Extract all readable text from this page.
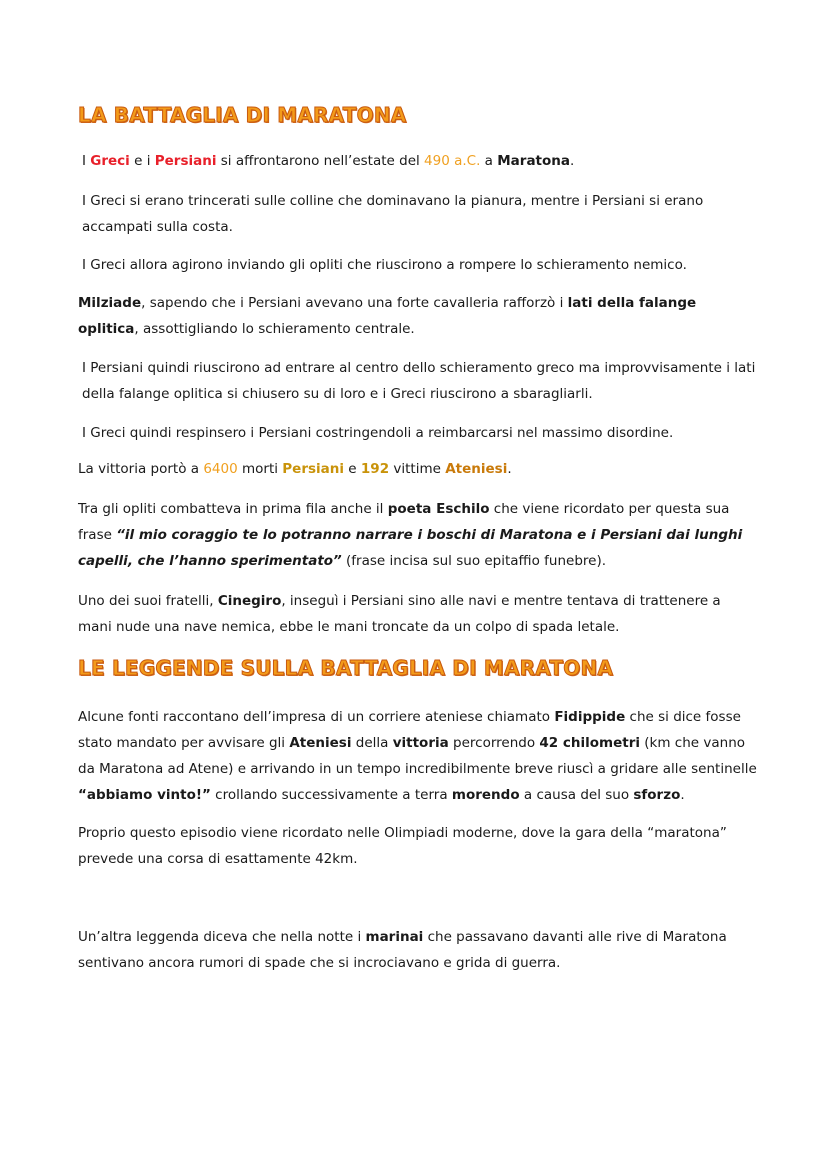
LA BATTAGLIA DI MARATONA

I Greci e i Persiani si affrontarono nell’estate del 490 a.C. a Maratona.

I Greci si erano trincerati sulle colline che dominavano la pianura, mentre i Persiani si erano accampati sulla costa.

I Greci allora agirono inviando gli opliti che riuscirono a rompere lo schieramento nemico.

Milziade, sapendo che i Persiani avevano una forte cavalleria rafforzò i lati della falange oplitica, assottigliando lo schieramento centrale.

I Persiani quindi riuscirono ad entrare al centro dello schieramento greco ma improvvisamente i lati della falange oplitica si chiusero su di loro e i Greci riuscirono a sbaragliarli.

I Greci quindi respinsero i Persiani costringendoli a reimbarcarsi nel massimo disordine.

La vittoria portò a 6400 morti Persiani e 192 vittime Ateniesi.

Tra gli opliti combatteva in prima fila anche il poeta Eschilo che viene ricordato per questa sua frase “il mio coraggio te lo potranno narrare i boschi di Maratona e i Persiani dai lunghi capelli, che l’hanno sperimentato” (frase incisa sul suo epitaffio funebre).

Uno dei suoi fratelli, Cinegiro, inseguì i Persiani sino alle navi e mentre tentava di trattenere a mani nude una nave nemica, ebbe le mani troncate da un colpo di spada letale.

LE LEGGENDE SULLA BATTAGLIA DI MARATONA

Alcune fonti raccontano dell’impresa di un corriere ateniese chiamato Fidippide che si dice fosse stato mandato per avvisare gli Ateniesi della vittoria percorrendo 42 chilometri (km che vanno da Maratona ad Atene) e arrivando in un tempo incredibilmente breve riuscì a gridare alle sentinelle “abbiamo vinto!” crollando successivamente a terra morendo a causa del suo sforzo.

Proprio questo episodio viene ricordato nelle Olimpiadi moderne, dove la gara della “maratona” prevede una corsa di esattamente 42km.

Un’altra leggenda diceva che nella notte i marinai che passavano davanti alle rive di Maratona sentivano ancora rumori di spade che si incrociavano e grida di guerra.
